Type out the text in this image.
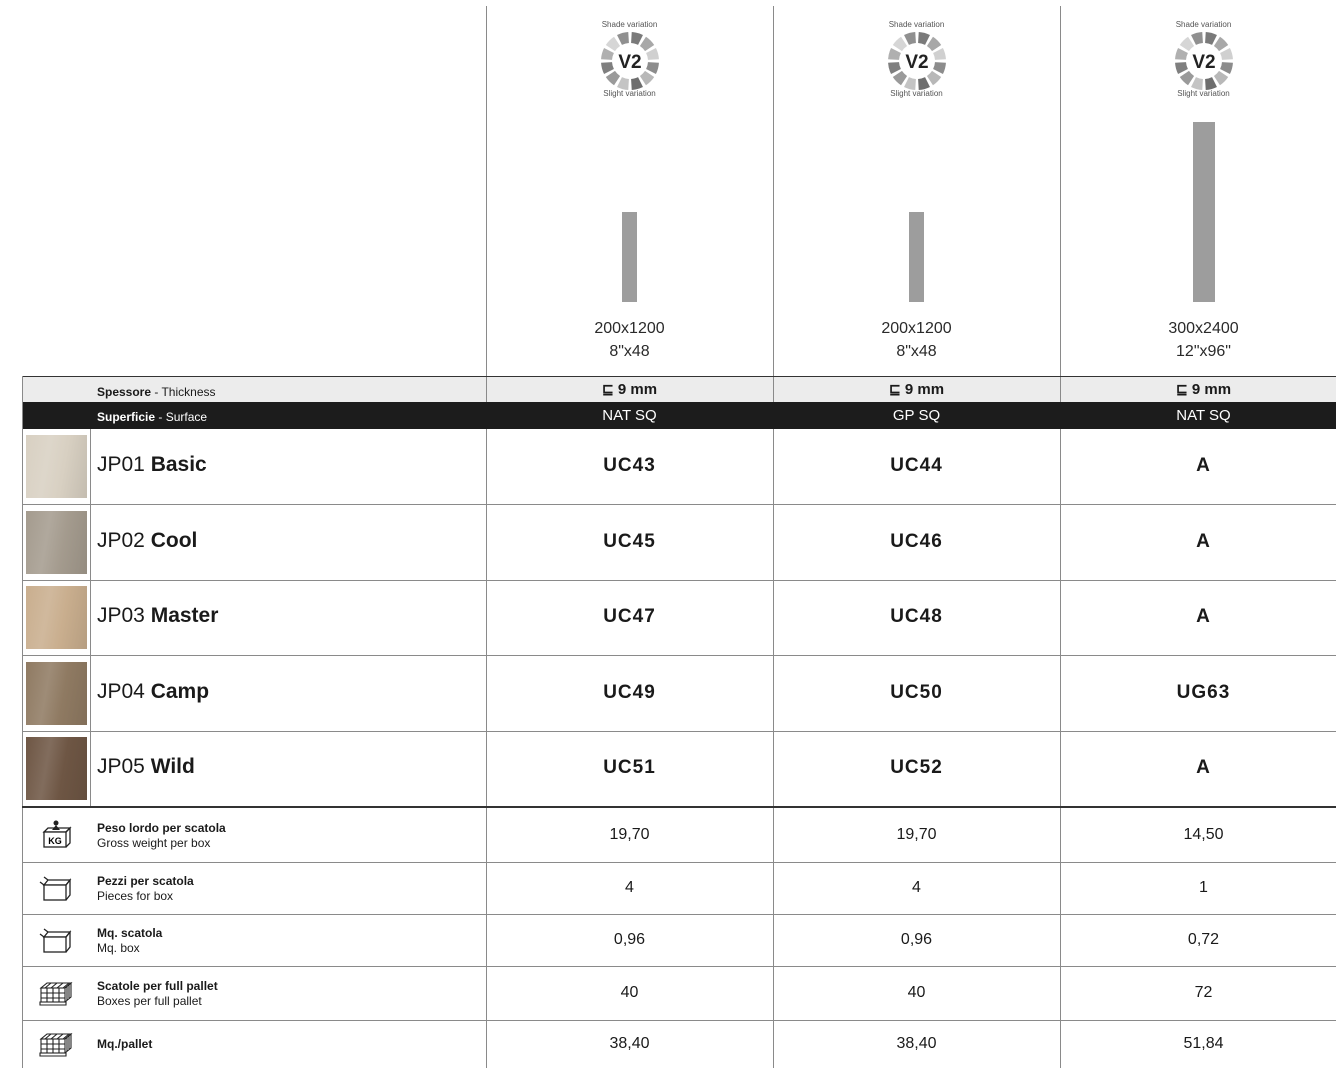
Shade variation
V2
Slight variation
200x1200
8"x48
Shade variation
V2
Slight variation
200x1200
8"x48
Shade variation
V2
Slight variation
300x2400
12"x96"
Spessore - Thickness	⊑ 9 mm	⊑ 9 mm	⊑ 9 mm
Superficie - Surface	NAT SQ	GP SQ	NAT SQ
JP01 Basic	UC43	UC44	A
JP02 Cool	UC45	UC46	A
JP03 Master	UC47	UC48	A
JP04 Camp	UC49	UC50	UG63
JP05 Wild	UC51	UC52	A
KG
Peso lordo per scatola
Gross weight per box	19,70	19,70	14,50
Pezzi per scatola
Pieces for box	4	4	1
Mq. scatola
Mq. box	0,96	0,96	0,72
Scatole per full pallet
Boxes per full pallet	40	40	72
Mq./pallet	38,40	38,40	51,84
